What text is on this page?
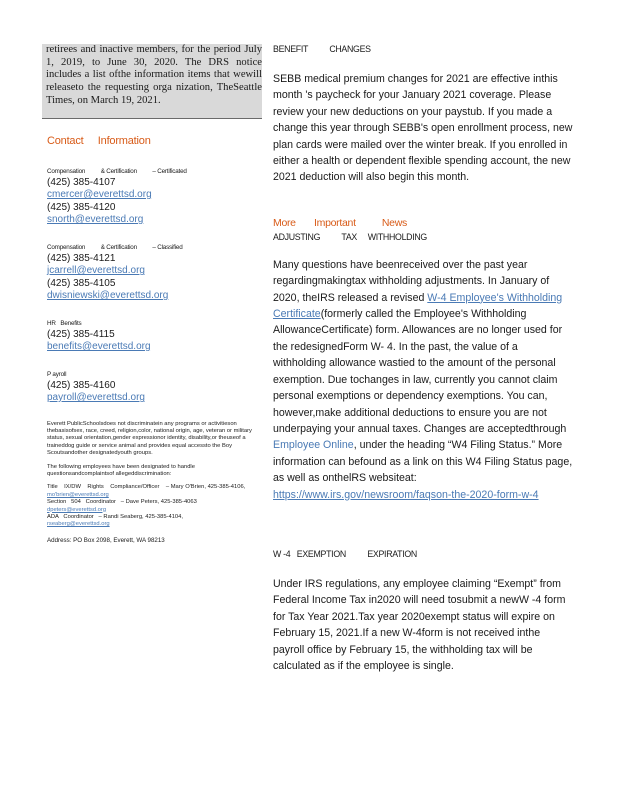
retirees and inactive members, for the period July 1, 2019, to June 30, 2020. The DRS notice includes a list ofthe information items that wewill releaseto the requesting orga nization, TheSeattle Times, on March 19, 2021.
Contact     Information
Compensation          & Certification          – Certificated
(425) 385-4107
cmercer@everettsd.org
(425) 385-4120
snorth@everettsd.org
Compensation          & Certification          – Classified
(425) 385-4121
jcarrell@everettsd.org
(425) 385-4105
dwisniewski@everettsd.org
HR   Benefits
(425) 385-4115
benefits@everettsd.org
P ayroll
(425) 385-4160
payroll@everettsd.org

Everett PublicSchoolsdoes not discriminatein any programs or activitieson thebasisofsex, race, creed, religion,color, national origin, age, veteran or military status, sexual orientation,gender expressionor identity, disability,or theuseof a traineddog guide or service animal and provides equal accessto the Boy Scoutsandother designatedyouth groups.

The following employees have been designated to handle questionsandcomplaintsof allegeddiscrimination:

Title    IX/DW    Rights    Compliance/Officer    – Mary O'Brien, 425-385-4106, mo'brien@everettsd.org
Section   504   Coordinator   – Dave Peters, 425-385-4063
dpeters@everettsd.org
ADA   Coordinator   – Randi Seaberg, 425-385-4104,
rseaberg@everettsd.org
Address: PO Box 2098, Everett, WA 98213
BENEFIT          CHANGES

SEBB medical premium changes for 2021 are effective inthis month 's paycheck for your January 2021 coverage. Please review your new deductions on your paystub. If you made a change this year through SEBB's open enrollment process, new plan cards were mailed over the winter break. If you enrolled in either a health or dependent flexible spending account, the new 2021 deduction will also begin this month.

More       Important          News
ADJUSTING          TAX     WITHHOLDING

Many questions have beenreceived over the past year regardingmakingtax withholding adjustments. In January of 2020, theIRS released a revised W-4 Employee's Withholding Certificate(formerly called the Employee's Withholding AllowanceCertificate) form. Allowances are no longer used for the redesignedForm W- 4. In the past, the value of a withholding allowance wastied to the amount of the personal exemption. Due tochanges in law, currently you cannot claim personal exemptions or dependency exemptions. You can, however,make additional deductions to ensure you are not underpaying your annual taxes. Changes are acceptedthrough Employee Online, under the heading “W4 Filing Status.” More information can befound as a link on this W4 Filing Status page, as well as onthelRS websiteat: https://www.irs.gov/newsroom/faqson-the-2020-form-w-4

W -4   EXEMPTION          EXPIRATION

Under IRS regulations, any employee claiming “Exempt” from Federal Income Tax in2020 will need tosubmit a newW -4 form for Tax Year 2021.Tax year 2020exempt status will expire on February 15, 2021.If a new W-4form is not received inthe payroll office by February 15, the withholding tax will be calculated as if the employee is single.
